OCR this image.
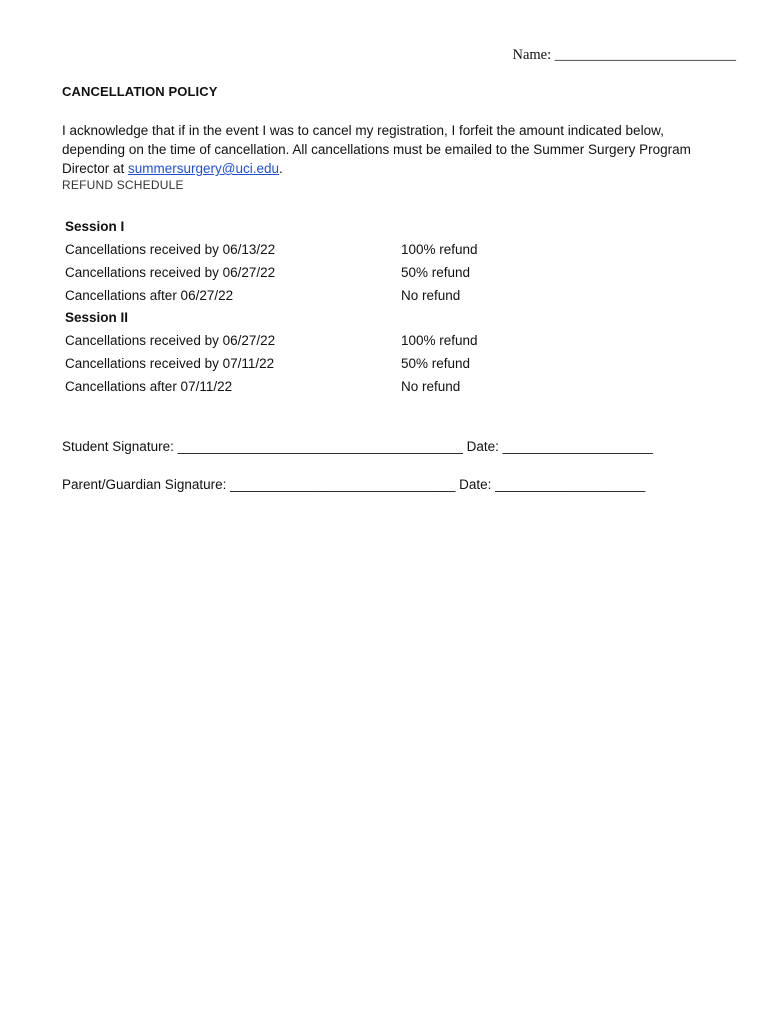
Name: _________________________
CANCELLATION POLICY
I acknowledge that if in the event I was to cancel my registration, I forfeit the amount indicated below, depending on the time of cancellation. All cancellations must be emailed to the Summer Surgery Program Director at summersurgery@uci.edu.
REFUND SCHEDULE
Session I
Cancellations received by 06/13/22	100% refund
Cancellations received by 06/27/22	50% refund
Cancellations after 06/27/22	No refund
Session II
Cancellations received by 06/27/22	100% refund
Cancellations received by 07/11/22	50% refund
Cancellations after 07/11/22	No refund
Student Signature: ______________________________________ Date: ____________________
Parent/Guardian Signature: ______________________________ Date: ____________________
